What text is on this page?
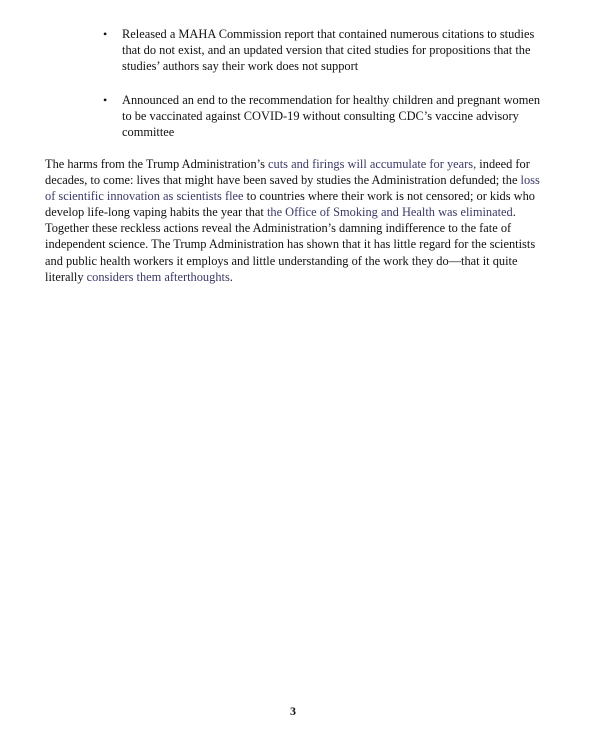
• Released a MAHA Commission report that contained numerous citations to studies that do not exist, and an updated version that cited studies for propositions that the studies’ authors say their work does not support
• Announced an end to the recommendation for healthy children and pregnant women to be vaccinated against COVID-19 without consulting CDC’s vaccine advisory committee

The harms from the Trump Administration’s cuts and firings will accumulate for years, indeed for decades, to come: lives that might have been saved by studies the Administration defunded; the loss of scientific innovation as scientists flee to countries where their work is not censored; or kids who develop life-long vaping habits the year that the Office of Smoking and Health was eliminated. Together these reckless actions reveal the Administration’s damning indifference to the fate of independent science. The Trump Administration has shown that it has little regard for the scientists and public health workers it employs and little understanding of the work they do—that it quite literally considers them afterthoughts.

3
